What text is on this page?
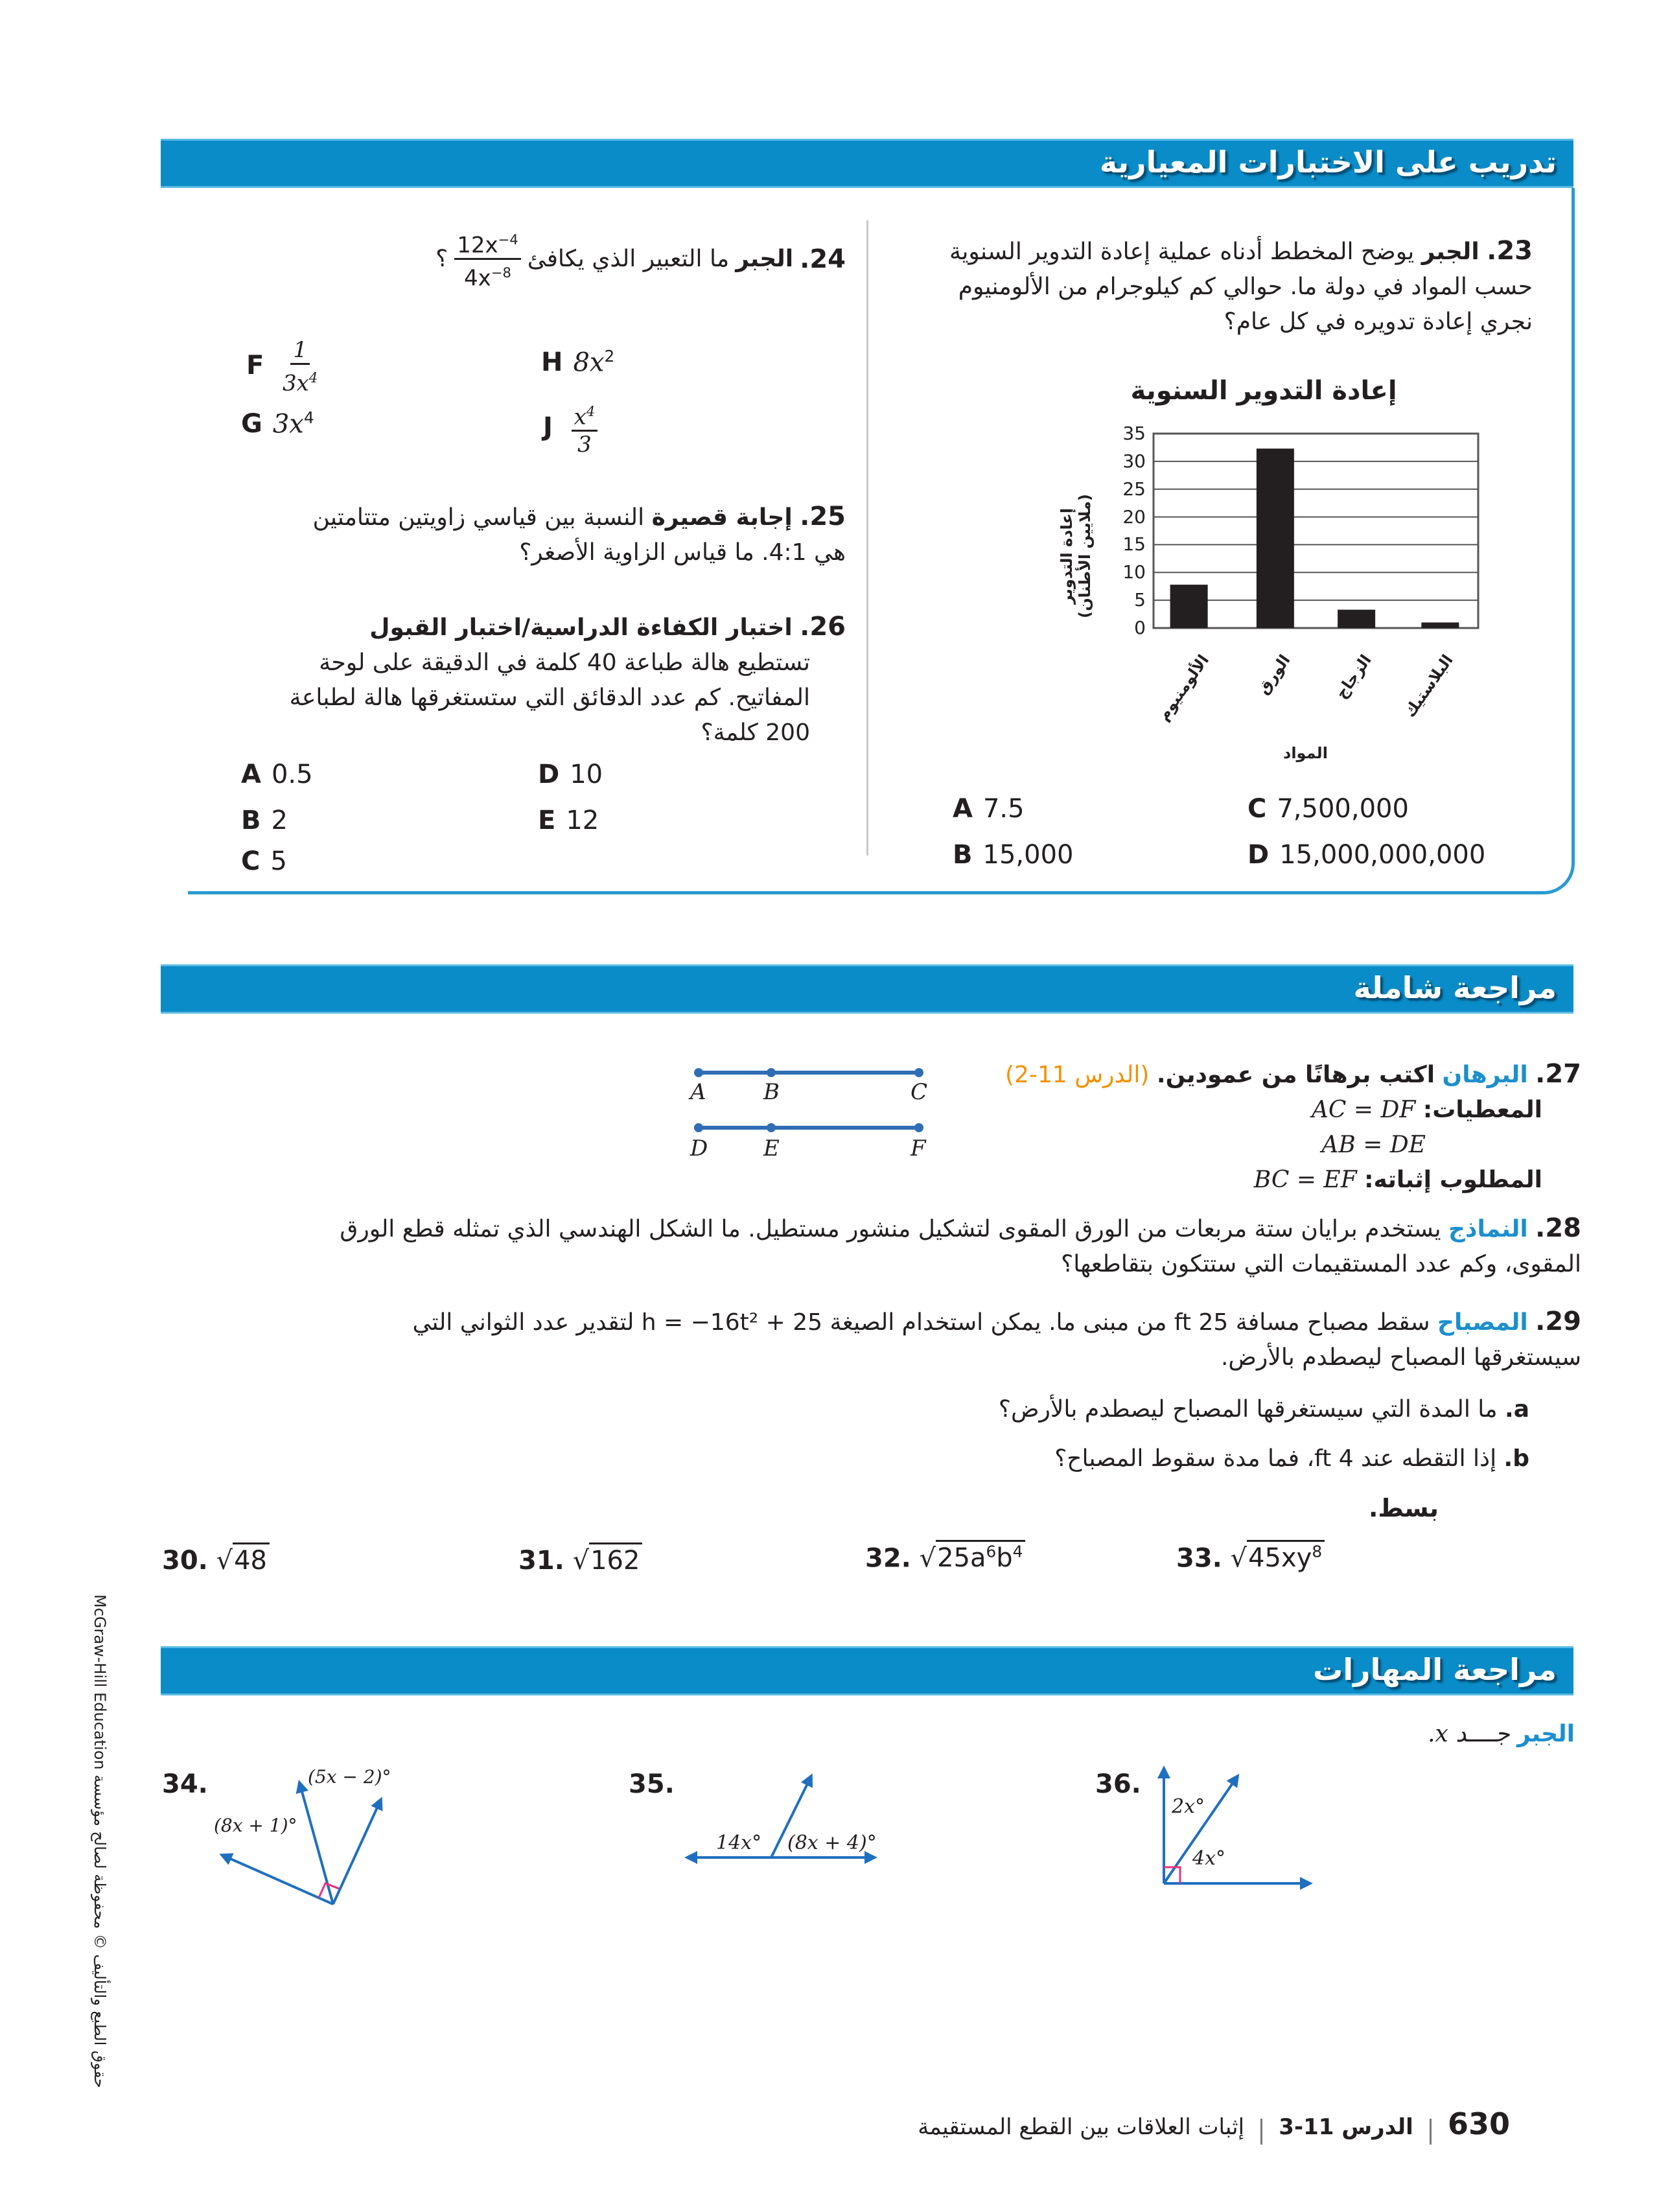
تدريب على الاختبارات المعيارية
23. الجبر يوضح المخطط أدناه عملية إعادة التدوير السنوية حسب المواد في دولة ما. حوالي كم كيلوجرام من الألومنيوم نجري إعادة تدويره في كل عام؟
إعادة التدوير السنوية
إعادة التدوير (ملايين الأطنان)
35
30
25
20
15
10
5
0
الألومنيوم	الورق الزجاج البلاستيك
المواد
A 7.5
B 15,000
C 7,500,000
D 15,000,000,000
24.
الجبر
ما التعبير الذي يكافئ
$\frac{12x^{-4}}{4x^{-8}}$
؟
F $\frac{1}{3x^4}$
G $3x^4$
H $8x^2$
J $\frac{x^4}{3}$
25. إجابة قصيرة النسبة بين قياسي زاويتين متتامتين هي 4:1. ما قياس الزاوية الأصغر؟
26. اختبار الكفاءة الدراسية/اختبار القبول
تستطيع هالة طباعة 40 كلمة في الدقيقة على لوحة المفاتيح. كم عدد الدقائق التي ستستغرقها هالة لطباعة 200 كلمة؟
A 0.5
B 2
C 5
D 10
E 12
مراجعة شاملة
27. البرهان اكتب برهانًا من عمودين. (الدرس 11-2)
المعطيات: AC = DF
AB = DE
المطلوب إثباته: BC = EF
A	B	C
D	E	F
28. النماذج يستخدم برايان ستة مربعات من الورق المقوى لتشكيل منشور مستطيل. ما الشكل الهندسي الذي تمثله قطع الورق المقوى، وكم عدد المستقيمات التي ستتكون بتقاطعها؟
29. المصباح سقط مصباح مسافة 25 ft من مبنى ما. يمكن استخدام الصيغة h = −16t² + 25 لتقدير عدد الثواني التي سيستغرقها المصباح ليصطدم بالأرض.
a. ما المدة التي سيستغرقها المصباح ليصطدم بالأرض؟
b. إذا التقطه عند 4 ft، فما مدة سقوط المصباح؟
بسط.
30. √48	31. √162	32. $√25a^6b^4$	33. $√45xy^8$
مراجعة المهارات
الجبر جــــد x.
34.	(5x − 2)°
(8x + 1)°
35.
14x° (8x + 4)°
36.
2x°
4x°
McGraw-Hill Education حقوق الطبع والتأليف © محفوظة لصالح مؤسسة
630  الدرس 11-3  إثبات العلاقات بين القطع المستقيمة
